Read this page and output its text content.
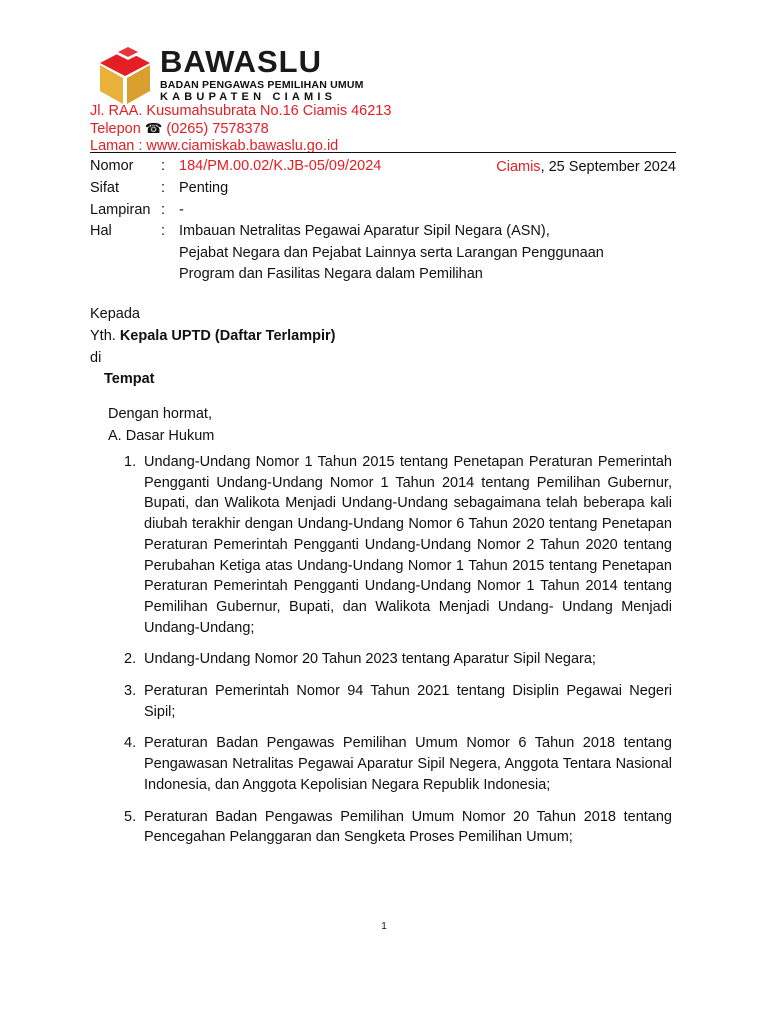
BAWASLU
BADAN PENGAWAS PEMILIHAN UMUM
KABUPATEN CIAMIS
Jl. RAA. Kusumahsubrata No.16 Ciamis 46213
Telepon ☎ (0265) 7578378
Laman : www.ciamiskab.bawaslu.go.id
Nomor : 184/PM.00.02/K.JB-05/09/2024	Ciamis, 25 September 2024
Sifat	: Penting
Lampiran : -
Hal	: Imbauan Netralitas Pegawai Aparatur Sipil Negara (ASN),
Pejabat Negara dan Pejabat Lainnya serta Larangan Penggunaan
Program dan Fasilitas Negara dalam Pemilihan
Kepada
Yth. Kepala UPTD (Daftar Terlampir)
di
Tempat
Dengan hormat,
A. Dasar Hukum
1. Undang-Undang Nomor 1 Tahun 2015 tentang Penetapan Peraturan Pemerintah Pengganti Undang-Undang Nomor 1 Tahun 2014 tentang Pemilihan Gubernur, Bupati, dan Walikota Menjadi Undang-Undang sebagaimana telah beberapa kali diubah terakhir dengan Undang-Undang Nomor 6 Tahun 2020 tentang Penetapan Peraturan Pemerintah Pengganti Undang-Undang Nomor 2 Tahun 2020 tentang Perubahan Ketiga atas Undang-Undang Nomor 1 Tahun 2015 tentang Penetapan Peraturan Pemerintah Pengganti Undang-Undang Nomor 1 Tahun 2014 tentang Pemilihan Gubernur, Bupati, dan Walikota Menjadi Undang- Undang Menjadi Undang-Undang;
2. Undang-Undang Nomor 20 Tahun 2023 tentang Aparatur Sipil Negara;
3. Peraturan Pemerintah Nomor 94 Tahun 2021 tentang Disiplin Pegawai Negeri Sipil;
4. Peraturan Badan Pengawas Pemilihan Umum Nomor 6 Tahun 2018 tentang Pengawasan Netralitas Pegawai Aparatur Sipil Negera, Anggota Tentara Nasional Indonesia, dan Anggota Kepolisian Negara Republik Indonesia;
5. Peraturan Badan Pengawas Pemilihan Umum Nomor 20 Tahun 2018 tentang Pencegahan Pelanggaran dan Sengketa Proses Pemilihan Umum;
1
